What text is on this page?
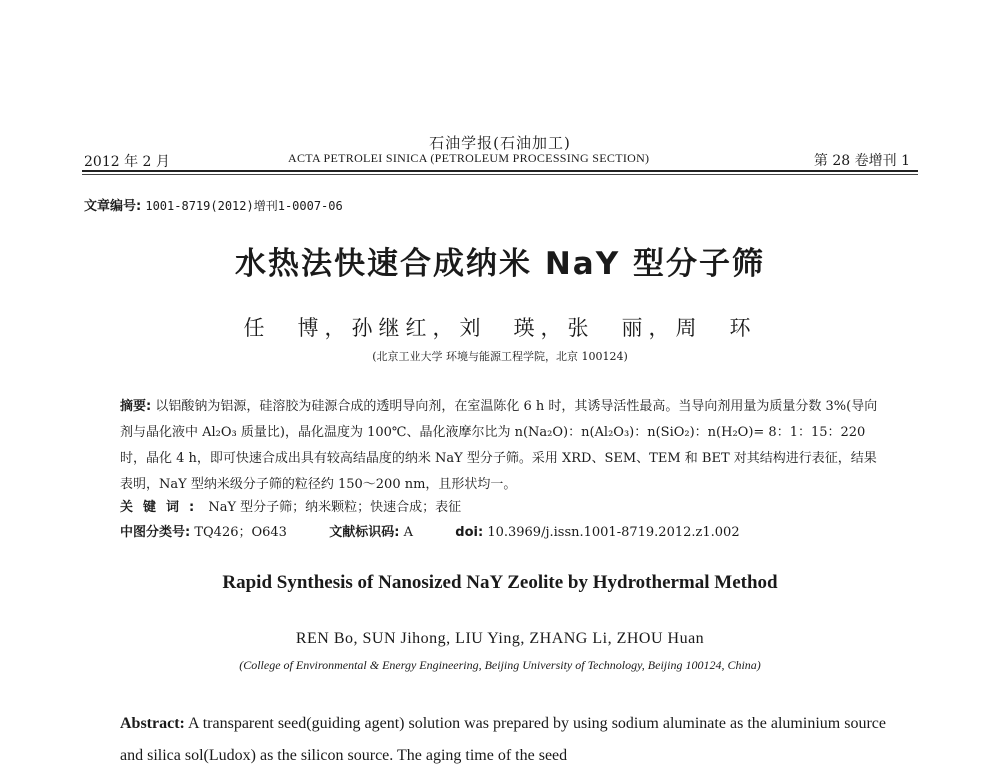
石油学报(石油加工)
2012 年 2 月	ACTA PETROLEI SINICA (PETROLEUM PROCESSING SECTION)	第 28 卷增刊 1
文章编号: 1001-8719(2012)增刊1-0007-06
水热法快速合成纳米 NaY 型分子筛
任　博，孙继红，刘　瑛，张　丽，周　环
(北京工业大学 环境与能源工程学院，北京 100124)
摘要: 以铝酸钠为铝源，硅溶胶为硅源合成的透明导向剂，在室温陈化 6 h 时，其诱导活性最高。当导向剂用量为质量分数 3%(导向剂与晶化液中 Al₂O₃ 质量比)，晶化温度为 100℃、晶化液摩尔比为 n(Na₂O)：n(Al₂O₃)：n(SiO₂)：n(H₂O)= 8：1：15：220 时，晶化 4 h，即可快速合成出具有较高结晶度的纳米 NaY 型分子筛。采用 XRD、SEM、TEM 和 BET 对其结构进行表征，结果表明，NaY 型纳米级分子筛的粒径约 150～200 nm，且形状均一。
关键词: NaY 型分子筛；纳米颗粒；快速合成；表征
中图分类号: TQ426；O643	文献标识码: A	doi: 10.3969/j.issn.1001-8719.2012.z1.002
Rapid Synthesis of Nanosized NaY Zeolite by Hydrothermal Method
REN Bo, SUN Jihong, LIU Ying, ZHANG Li, ZHOU Huan
(College of Environmental & Energy Engineering, Beijing University of Technology, Beijing 100124, China)
Abstract: A transparent seed(guiding agent) solution was prepared by using sodium aluminate as the aluminium source and silica sol(Ludox) as the silicon source. The aging time of the seed
